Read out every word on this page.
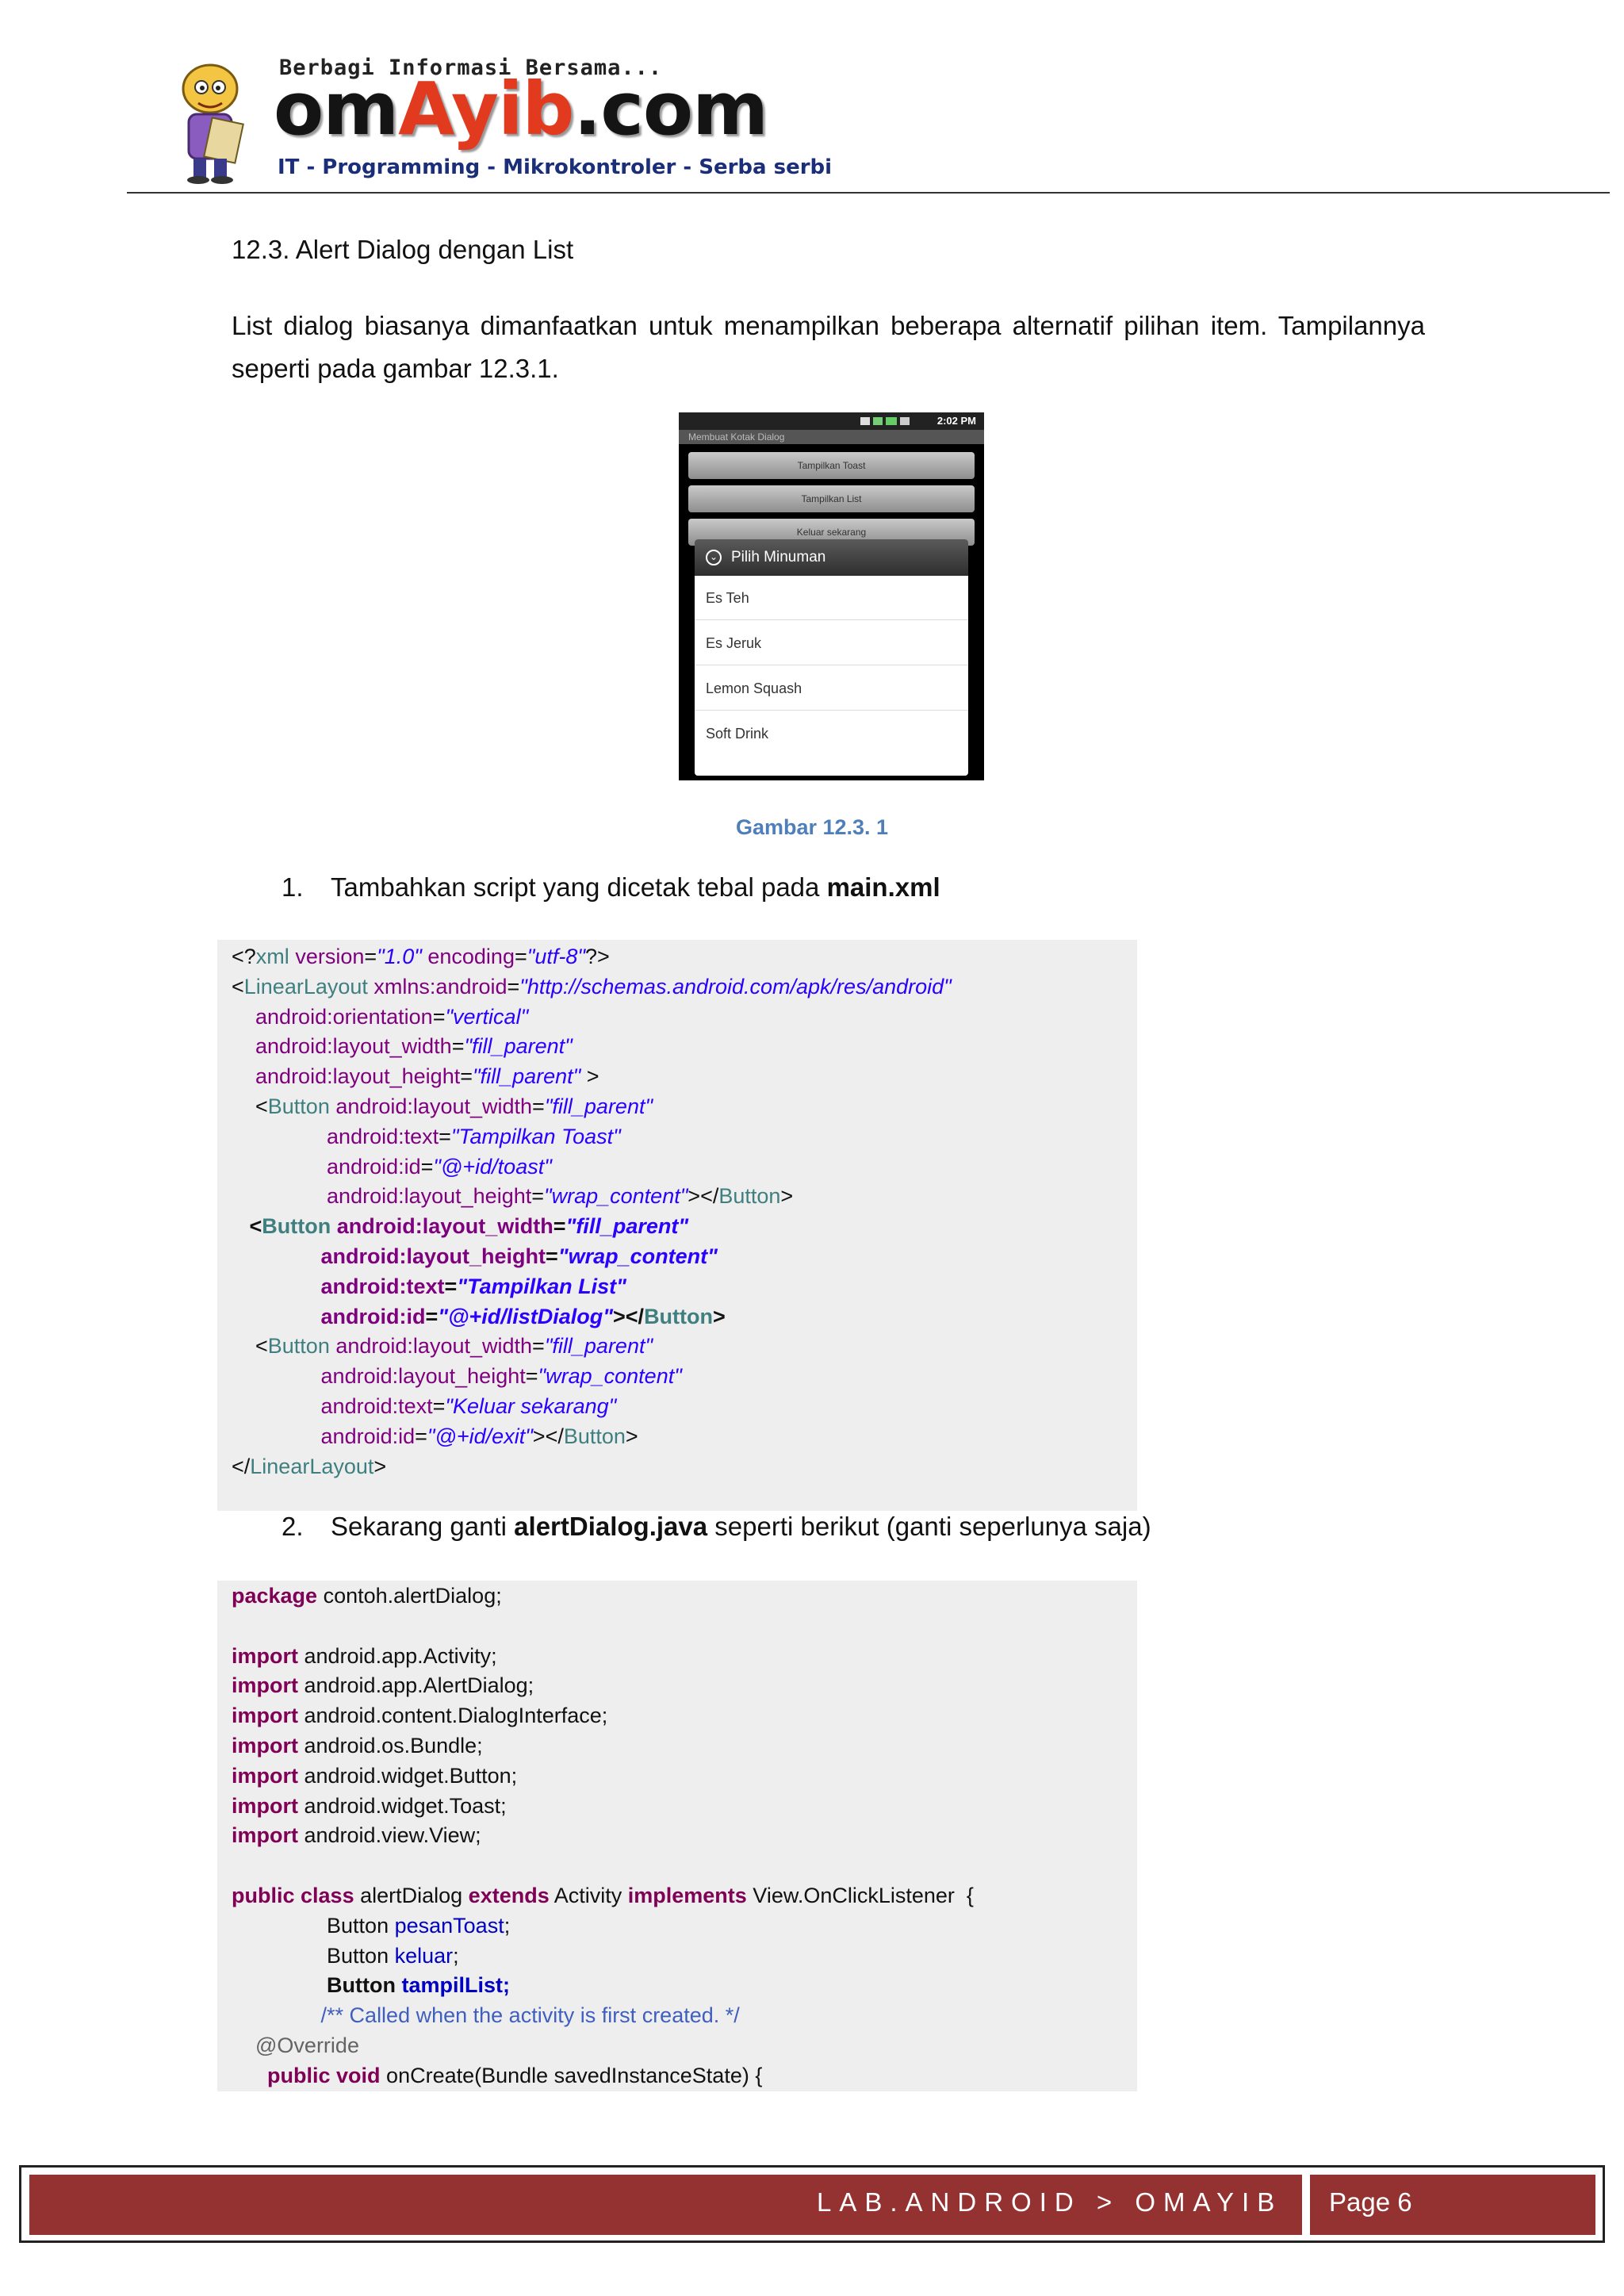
Berbagi Informasi Bersama...
omAyib.com
IT - Programming - Mikrokontroler - Serba serbi
12.3. Alert Dialog dengan List
List dialog biasanya dimanfaatkan untuk menampilkan beberapa alternatif pilihan item. Tampilannya seperti pada gambar 12.3.1.
2:02 PM
Membuat Kotak Dialog
Tampilkan Toast
Tampilkan List
Keluar sekarang
⌄ Pilih Minuman
Es Teh
Es Jeruk
Lemon Squash
Soft Drink
Gambar 12.3. 1
1. Tambahkan script yang dicetak tebal pada main.xml
<?xml version="1.0" encoding="utf-8"?>
<LinearLayout xmlns:android="http://schemas.android.com/apk/res/android"
android:orientation="vertical"
android:layout_width="fill_parent"
android:layout_height="fill_parent" >
<Button android:layout_width="fill_parent"
android:text="Tampilkan Toast"
android:id="@+id/toast"
android:layout_height="wrap_content"></Button>
<Button android:layout_width="fill_parent"
android:layout_height="wrap_content"
android:text="Tampilkan List"
android:id="@+id/listDialog"></Button>
<Button android:layout_width="fill_parent"
android:layout_height="wrap_content"
android:text="Keluar sekarang"
android:id="@+id/exit"></Button>
</LinearLayout>
2. Sekarang ganti alertDialog.java seperti berikut (ganti seperlunya saja)
package contoh.alertDialog;

import android.app.Activity;
import android.app.AlertDialog;
import android.content.DialogInterface;
import android.os.Bundle;
import android.widget.Button;
import android.widget.Toast;
import android.view.View;

public class alertDialog extends Activity implements View.OnClickListener  {
Button pesanToast;
Button keluar;
Button tampilList;
/** Called when the activity is first created. */
@Override
public void onCreate(Bundle savedInstanceState) {
LAB.ANDROID > OMAYIB Page 6
